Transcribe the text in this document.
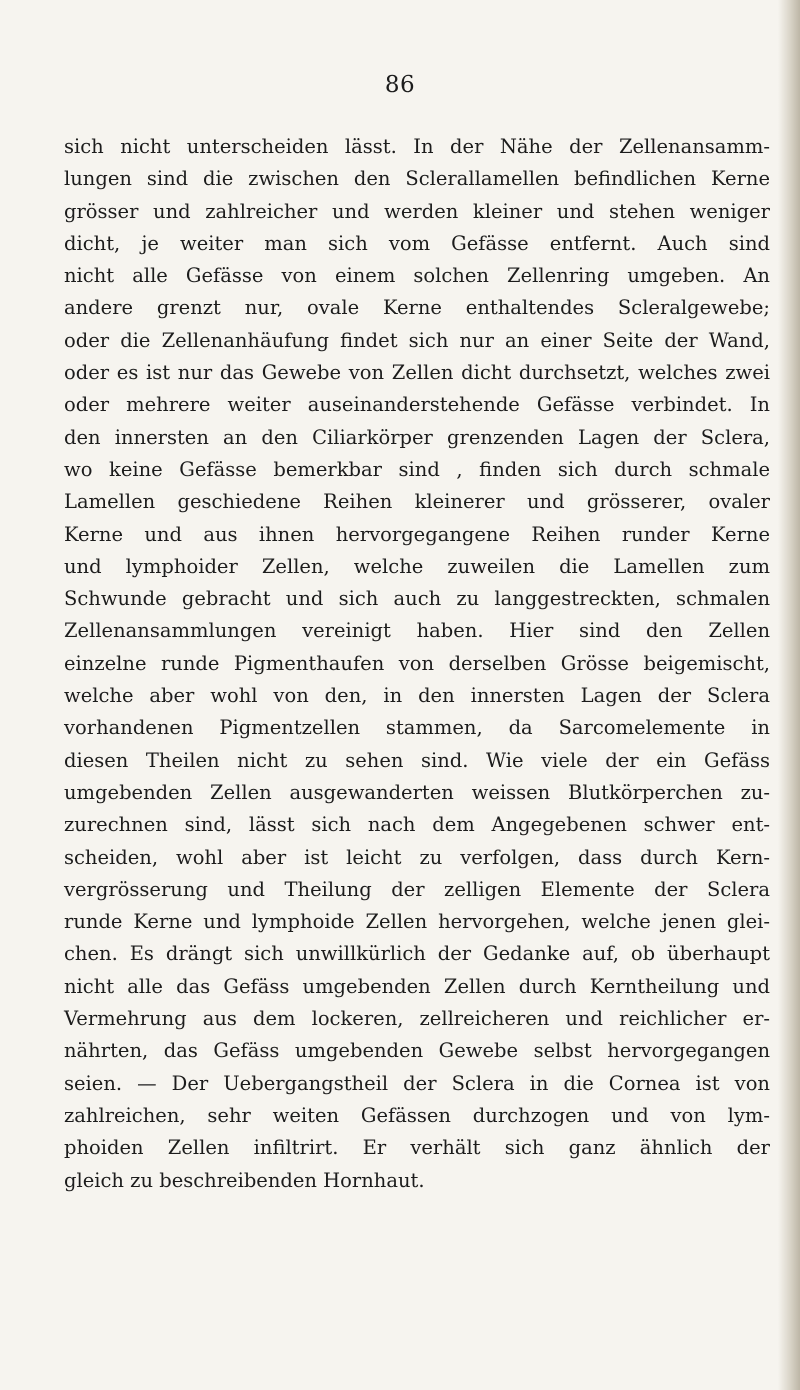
86
sich nicht unterscheiden lässt. In der Nähe der Zellenansamm-
lungen sind die zwischen den Sclerallamellen befindlichen Kerne
grösser und zahlreicher und werden kleiner und stehen weniger
dicht, je weiter man sich vom Gefässe entfernt. Auch sind
nicht alle Gefässe von einem solchen Zellenring umgeben. An
andere grenzt nur, ovale Kerne enthaltendes Scleralgewebe;
oder die Zellenanhäufung findet sich nur an einer Seite der Wand,
oder es ist nur das Gewebe von Zellen dicht durchsetzt, welches zwei
oder mehrere weiter auseinanderstehende Gefässe verbindet. In
den innersten an den Ciliarkörper grenzenden Lagen der Sclera,
wo keine Gefässe bemerkbar sind , finden sich durch schmale
Lamellen geschiedene Reihen kleinerer und grösserer, ovaler
Kerne und aus ihnen hervorgegangene Reihen runder Kerne
und lymphoider Zellen, welche zuweilen die Lamellen zum
Schwunde gebracht und sich auch zu langgestreckten, schmalen
Zellenansammlungen vereinigt haben. Hier sind den Zellen
einzelne runde Pigmenthaufen von derselben Grösse beigemischt,
welche aber wohl von den, in den innersten Lagen der Sclera
vorhandenen Pigmentzellen stammen, da Sarcomelemente in
diesen Theilen nicht zu sehen sind. Wie viele der ein Gefäss
umgebenden Zellen ausgewanderten weissen Blutkörperchen zu-
zurechnen sind, lässt sich nach dem Angegebenen schwer ent-
scheiden, wohl aber ist leicht zu verfolgen, dass durch Kern-
vergrösserung und Theilung der zelligen Elemente der Sclera
runde Kerne und lymphoide Zellen hervorgehen, welche jenen glei-
chen. Es drängt sich unwillkürlich der Gedanke auf, ob überhaupt
nicht alle das Gefäss umgebenden Zellen durch Kerntheilung und
Vermehrung aus dem lockeren, zellreicheren und reichlicher er-
nährten, das Gefäss umgebenden Gewebe selbst hervorgegangen
seien. — Der Uebergangstheil der Sclera in die Cornea ist von
zahlreichen, sehr weiten Gefässen durchzogen und von lym-
phoiden Zellen infiltrirt. Er verhält sich ganz ähnlich der
gleich zu beschreibenden Hornhaut.
